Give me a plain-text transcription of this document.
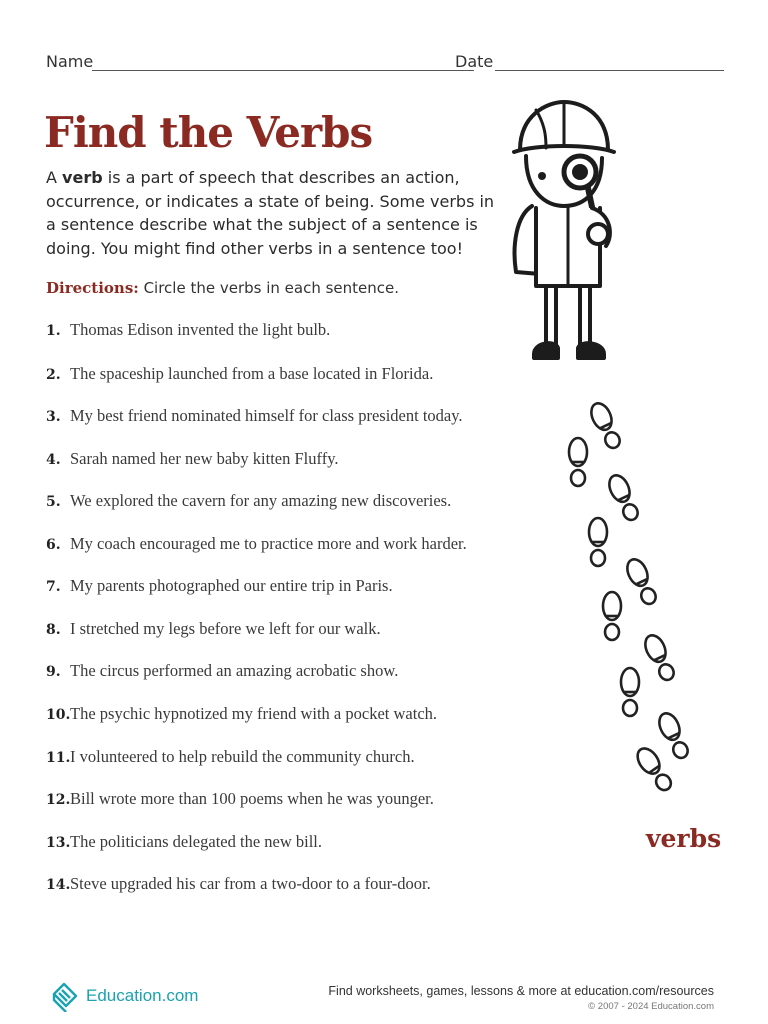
Name	Date
Find the Verbs

A verb is a part of speech that describes an action, occurrence, or indicates a state of being. Some verbs in a sentence describe what the subject of a sentence is doing. You might find other verbs in a sentence too!

Directions: Circle the verbs in each sentence.
1. Thomas Edison invented the light bulb.
2. The spaceship launched from a base located in Florida.
3. My best friend nominated himself for class president today.
4. Sarah named her new baby kitten Fluffy.
5. We explored the cavern for any amazing new discoveries.
6. My coach encouraged me to practice more and work harder.
7. My parents photographed our entire trip in Paris.
8. I stretched my legs before we left for our walk.
9. The circus performed an amazing acrobatic show.
10.The psychic hypnotized my friend with a pocket watch.
11.I volunteered to help rebuild the community church.
12.Bill wrote more than 100 poems when he was younger.
13.The politicians delegated the new bill.
14.Steve upgraded his car from a two-door to a four-door.
verbs
Education.com	Find worksheets, games, lessons & more at education.com/resources
© 2007 - 2024 Education.com
